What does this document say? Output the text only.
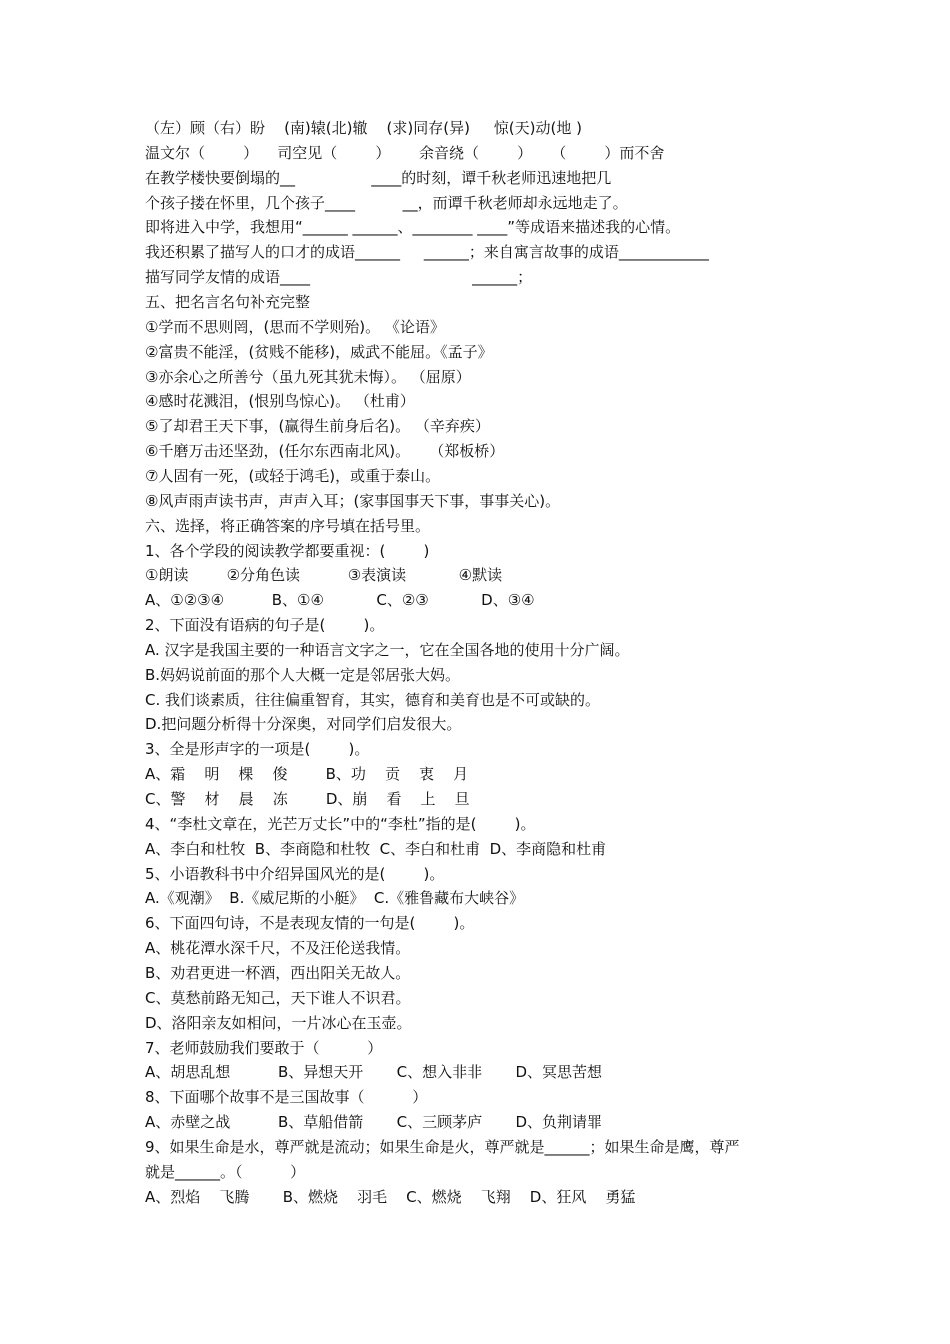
（左）顾（右）盼    (南)辕(北)辙    (求)同存(异)     惊(天)动(地 )

温文尔（        ）    司空见（        ）      余音绕（        ）    （        ）而不舍

在教学楼快要倒塌的__                ____的时刻，谭千秋老师迅速地把几

个孩子搂在怀里，几个孩子____          __，而谭千秋老师却永远地走了。

即将进入中学，我想用“______ ______、________ ____”等成语来描述我的心情。

我还积累了描写人的口才的成语______     ______；来自寓言故事的成语____________

描写同学友情的成语____                                  ______；

五、把名言名句补充完整

①学而不思则罔，(思而不学则殆)。 《论语》

②富贵不能淫，(贫贱不能移)，威武不能屈。《孟子》

③亦余心之所善兮（虽九死其犹未悔）。 （屈原）

④感时花溅泪，(恨别鸟惊心)。 （杜甫）

⑤了却君王天下事，(赢得生前身后名)。 （辛弃疾）

⑥千磨万击还坚劲，(任尔东西南北风)。    （郑板桥）

⑦人固有一死，(或轻于鸿毛)，或重于泰山。

⑧风声雨声读书声，声声入耳；(家事国事天下事，事事关心)。

六、选择，将正确答案的序号填在括号里。

1、各个学段的阅读教学都要重视：(        )

①朗读        ②分角色读          ③表演读           ④默读

A、①②③④          B、①④           C、②③           D、③④

2、下面没有语病的句子是(        )。

A. 汉字是我国主要的一种语言文字之一，它在全国各地的使用十分广阔。

B.妈妈说前面的那个人大概一定是邻居张大妈。

C. 我们谈素质，往往偏重智育，其实，德育和美育也是不可或缺的。

D.把问题分析得十分深奥，对同学们启发很大。

3、全是形声字的一项是(        )。

A、霜    明    棵    俊        B、功    贡    衷    月

C、警    材    晨    冻        D、崩    看    上    旦

4、“李杜文章在，光芒万丈长”中的“李杜”指的是(        )。

A、李白和杜牧  B、李商隐和杜牧  C、李白和杜甫  D、李商隐和杜甫

5、小语教科书中介绍异国风光的是(        )。

A.《观潮》  B.《威尼斯的小艇》  C.《雅鲁藏布大峡谷》

6、下面四句诗，不是表现友情的一句是(        )。

A、桃花潭水深千尺，不及汪伦送我情。

B、劝君更进一杯酒，西出阳关无故人。

C、莫愁前路无知己，天下谁人不识君。

D、洛阳亲友如相问，一片冰心在玉壶。

7、老师鼓励我们要敢于（          ）

A、胡思乱想          B、异想天开       C、想入非非       D、冥思苦想

8、下面哪个故事不是三国故事（          ）

A、赤壁之战          B、草船借箭       C、三顾茅庐       D、负荆请罪

9、如果生命是水，尊严就是流动；如果生命是火，尊严就是______；如果生命是鹰，尊严

就是______。（          ）

A、烈焰    飞腾       B、燃烧    羽毛    C、燃烧    飞翔    D、狂风    勇猛
